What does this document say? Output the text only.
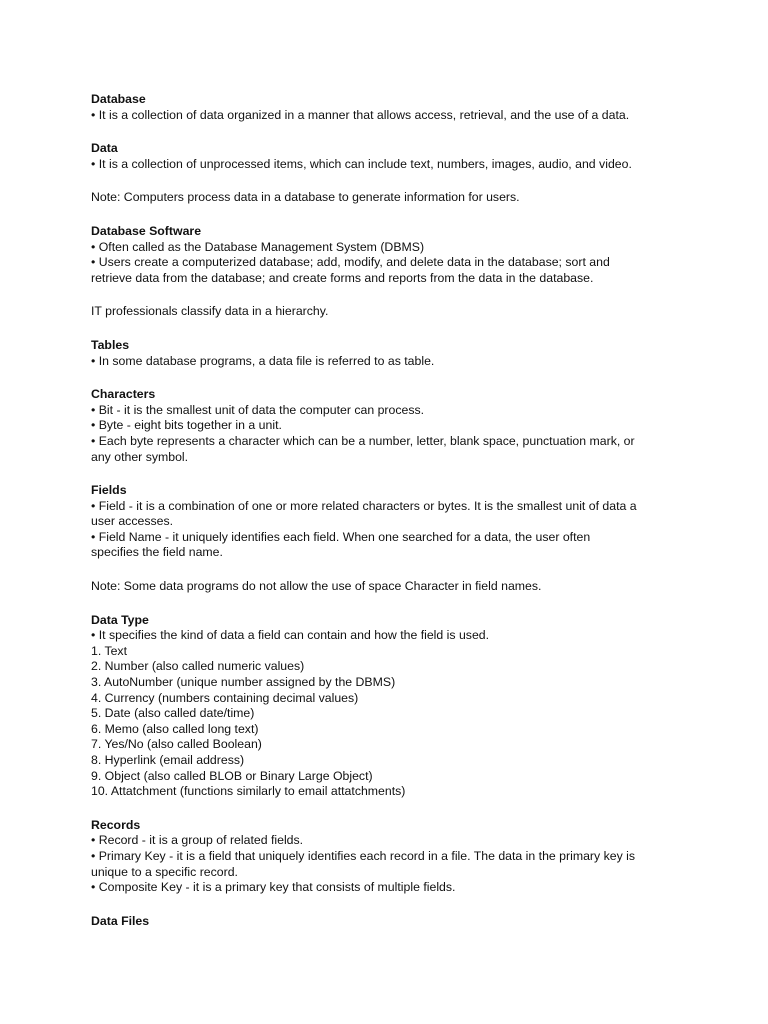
Database
• It is a collection of data organized in a manner that allows access, retrieval, and the use of a data.
Data
• It is a collection of unprocessed items, which can include text, numbers, images, audio, and video.
Note: Computers process data in a database to generate information for users.
Database Software
• Often called as the Database Management System (DBMS)
• Users create a computerized database; add, modify, and delete data in the database; sort and
retrieve data from the database; and create forms and reports from the data in the database.
IT professionals classify data in a hierarchy.
Tables
• In some database programs, a data file is referred to as table.
Characters
• Bit - it is the smallest unit of data the computer can process.
• Byte - eight bits together in a unit.
• Each byte represents a character which can be a number, letter, blank space, punctuation mark, or
any other symbol.
Fields
• Field - it is a combination of one or more related characters or bytes. It is the smallest unit of data a
user accesses.
• Field Name - it uniquely identifies each field. When one searched for a data, the user often
specifies the field name.
Note: Some data programs do not allow the use of space Character in field names.
Data Type
• It specifies the kind of data a field can contain and how the field is used.
1. Text
2. Number (also called numeric values)
3. AutoNumber (unique number assigned by the DBMS)
4. Currency (numbers containing decimal values)
5. Date (also called date/time)
6. Memo (also called long text)
7. Yes/No (also called Boolean)
8. Hyperlink (email address)
9. Object (also called BLOB or Binary Large Object)
10. Attatchment (functions similarly to email attatchments)
Records
• Record - it is a group of related fields.
• Primary Key - it is a field that uniquely identifies each record in a file. The data in the primary key is
unique to a specific record.
• Composite Key - it is a primary key that consists of multiple fields.
Data Files
